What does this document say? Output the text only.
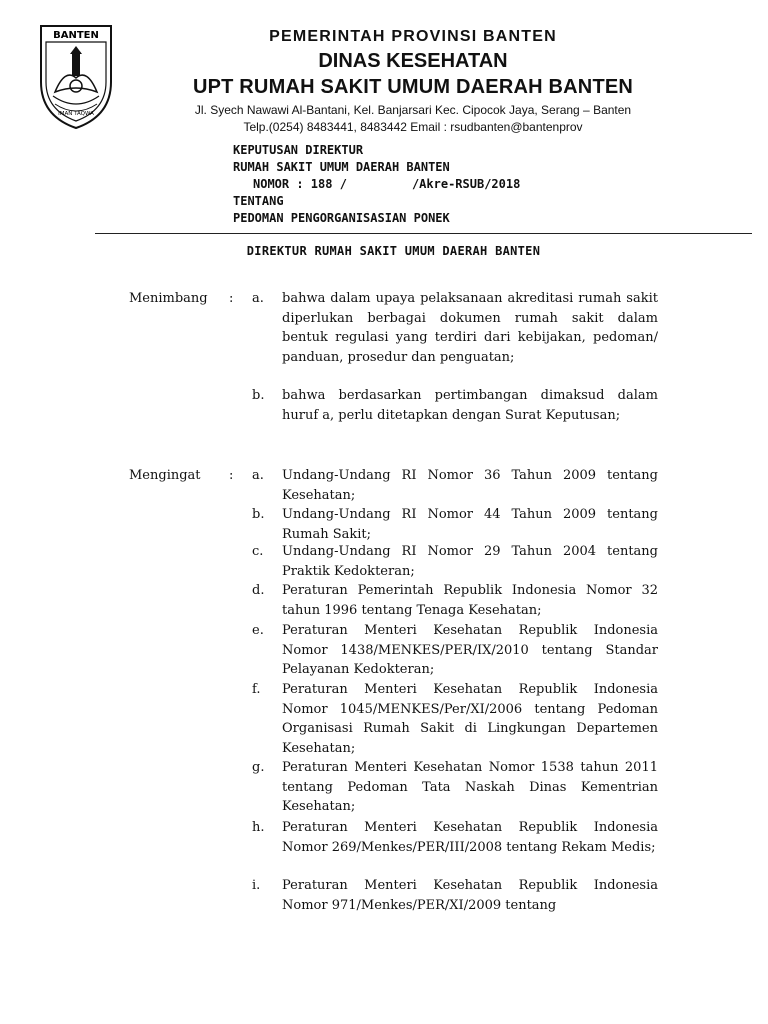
BANTEN
IMAN TAQWA
PEMERINTAH PROVINSI BANTEN
DINAS KESEHATAN
UPT RUMAH SAKIT UMUM DAERAH BANTEN
Jl. Syech Nawawi Al-Bantani, Kel. Banjarsari Kec. Cipocok Jaya, Serang – Banten
Telp.(0254) 8483441, 8483442 Email : rsudbanten@bantenprov
KEPUTUSAN DIREKTUR
RUMAH SAKIT UMUM DAERAH BANTEN
NOMOR : 188 /         /Akre-RSUB/2018
TENTANG
PEDOMAN PENGORGANISASIAN PONEK
DIREKTUR RUMAH SAKIT UMUM DAERAH BANTEN
Menimbang : a.	bahwa dalam upaya pelaksanaan akreditasi rumah sakit diperlukan berbagai dokumen rumah sakit dalam bentuk regulasi yang terdiri dari kebijakan, pedoman/ panduan, prosedur dan penguatan;
b.	bahwa berdasarkan pertimbangan dimaksud dalam huruf a, perlu ditetapkan dengan Surat Keputusan;
Mengingat : a.	Undang-Undang RI Nomor 36 Tahun 2009 tentang Kesehatan;
b.	Undang-Undang RI Nomor 44 Tahun 2009 tentang Rumah Sakit;
c.	Undang-Undang RI Nomor 29 Tahun 2004 tentang Praktik Kedokteran;
d.	Peraturan Pemerintah Republik Indonesia Nomor 32 tahun 1996 tentang Tenaga Kesehatan;
e.	Peraturan Menteri Kesehatan Republik Indonesia Nomor 1438/MENKES/PER/IX/2010 tentang Standar Pelayanan Kedokteran;
f.	Peraturan Menteri Kesehatan Republik Indonesia Nomor 1045/MENKES/Per/XI/2006 tentang Pedoman Organisasi Rumah Sakit di Lingkungan Departemen Kesehatan;
g.	Peraturan Menteri Kesehatan Nomor 1538 tahun 2011 tentang Pedoman Tata Naskah Dinas Kementrian Kesehatan;
h.	Peraturan Menteri Kesehatan Republik Indonesia Nomor 269/Menkes/PER/III/2008 tentang Rekam Medis;
i.	Peraturan Menteri Kesehatan Republik Indonesia Nomor 971/Menkes/PER/XI/2009 tentang
